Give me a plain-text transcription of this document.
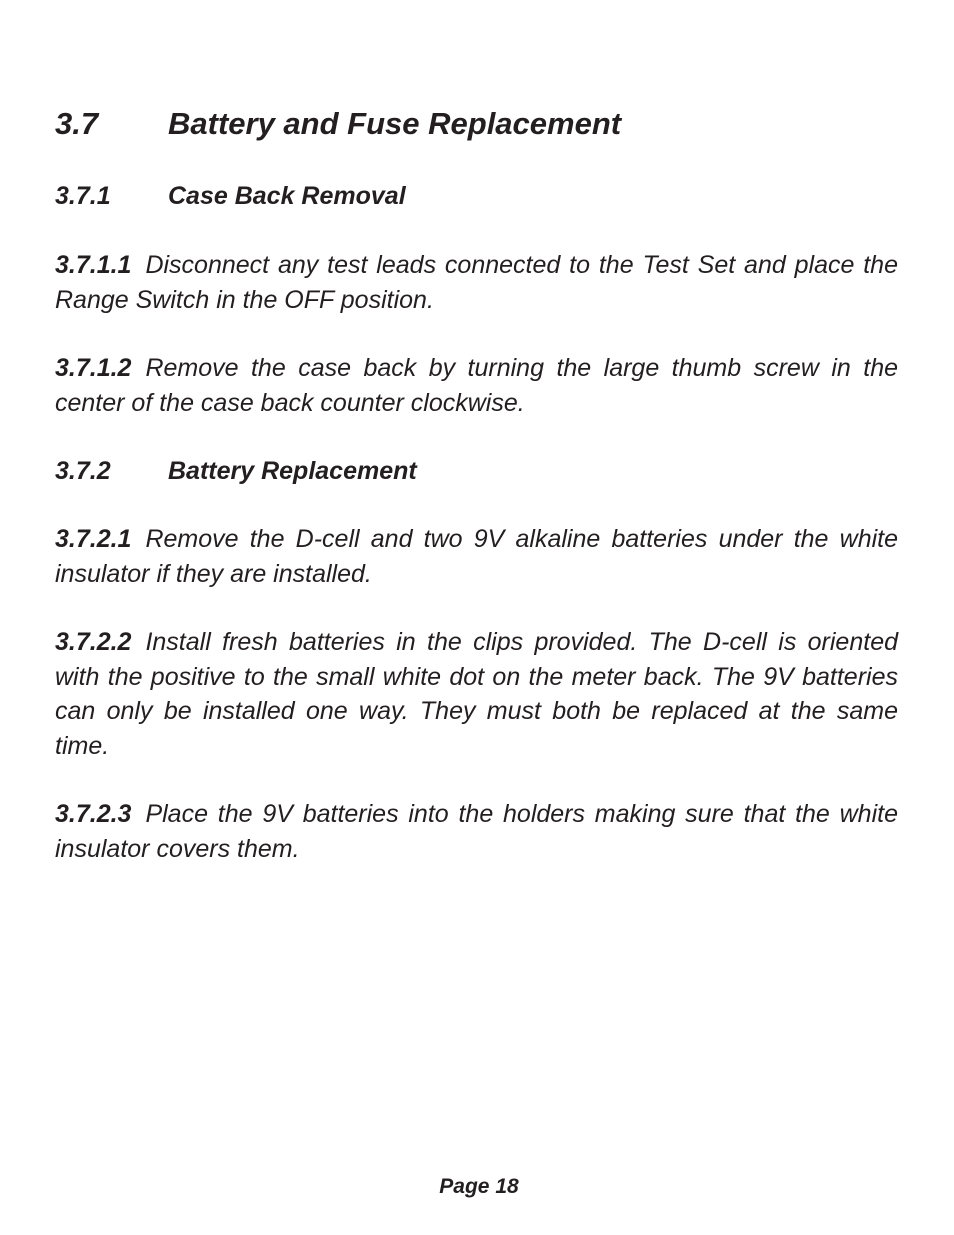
3.7 Battery and Fuse Replacement
3.7.1 Case Back Removal
3.7.1.1 Disconnect any test leads connected to the Test Set and place the Range Switch in the OFF position.
3.7.1.2 Remove the case back by turning the large thumb screw in the center of the case back counter clockwise.
3.7.2 Battery Replacement
3.7.2.1 Remove the D-cell and two 9V alkaline batteries under the white insulator if they are installed.
3.7.2.2 Install fresh batteries in the clips provided. The D-cell is oriented with the positive to the small white dot on the meter back. The 9V batteries can only be installed one way. They must both be replaced at the same time.
3.7.2.3 Place the 9V batteries into the holders making sure that the white insulator covers them.
Page 18
